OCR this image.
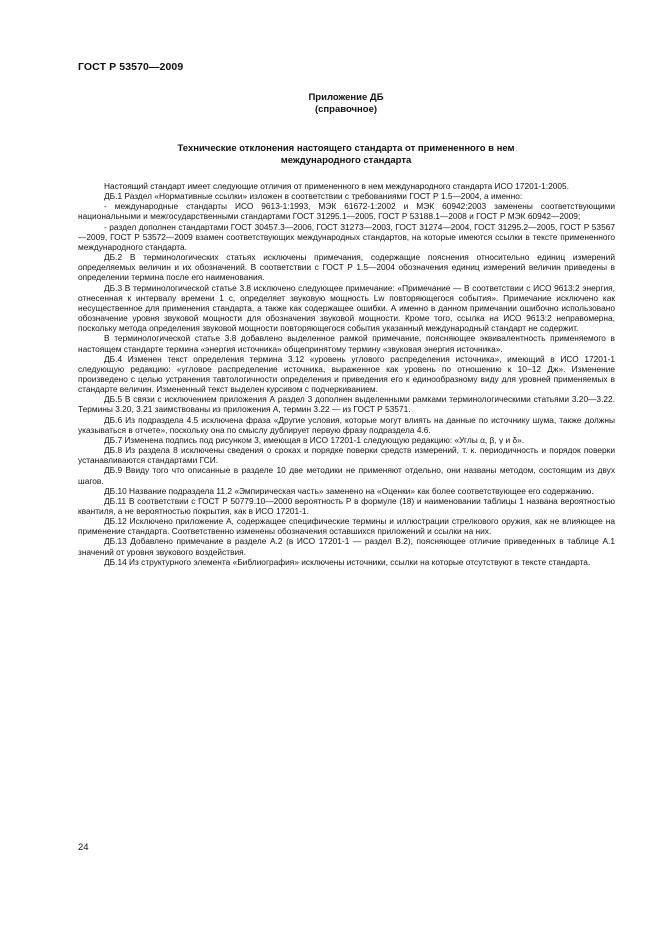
ГОСТ Р 53570—2009
Приложение ДБ
(справочное)
Технические отклонения настоящего стандарта от примененного в нем
международного стандарта

Настоящий стандарт имеет следующие отличия от примененного в нем международного стандарта ИСО 17201-1:2005.

ДБ.1 Раздел «Нормативные ссылки» изложен в соответствии с требованиями ГОСТ Р 1.5—2004, а именно:

- международные стандарты ИСО 9613-1:1993, МЭК 61672-1:2002 и МЭК 60942:2003 заменены соответствующими национальными и межгосударственными стандартами ГОСТ 31295.1—2005, ГОСТ Р 53188.1—2008 и ГОСТ Р МЭК 60942—2009;

- раздел дополнен стандартами ГОСТ 30457.3—2006, ГОСТ 31273—2003, ГОСТ 31274—2004, ГОСТ 31295.2—2005, ГОСТ Р 53567—2009, ГОСТ Р 53572—2009 взамен соответствующих международных стандартов, на которые имеются ссылки в тексте примененного международного стандарта.

ДБ.2 В терминологических статьях исключены примечания, содержащие пояснения относительно единиц измерений определяемых величин и их обозначений. В соответствии с ГОСТ Р 1.5—2004 обозначения единиц измерений величин приведены в определении термина после его наименования.

ДБ.3 В терминологической статье 3.8 исключено следующее примечание: «Примечание — В соответствии с ИСО 9613:2 энергия, отнесенная к интервалу времени 1 с, определяет звуковую мощность Lw повторяющегося события». Примечание исключено как несущественное для применения стандарта, а также как содержащее ошибки. А именно в данном примечании ошибочно использовано обозначение уровня звуковой мощности для обозначения звуковой мощности. Кроме того, ссылка на ИСО 9613:2 неправомерна, поскольку метода определения звуковой мощности повторяющегося события указанный международный стандарт не содержит.

В терминологической статье 3.8 добавлено выделенное рамкой примечание, поясняющее эквивалентность применяемого в настоящем стандарте термина «энергия источника» общепринятому термину «звуковая энергия источника».

ДБ.4 Изменен текст определения термина 3.12 «уровень углового распределения источника», имеющий в ИСО 17201-1 следующую редакцию: «угловое распределение источника, выраженное как уровень по отношению к 10−12 Дж». Изменение произведено с целью устранения тавтологичности определения и приведения его к единообразному виду для уровней применяемых в стандарте величин. Измененный текст выделен курсивом с подчеркиванием.

ДБ.5 В связи с исключением приложения А раздел 3 дополнен выделенными рамками терминологическими статьями 3.20—3.22. Термины 3.20, 3.21 заимствованы из приложения А, термин 3.22 — из ГОСТ Р 53571.

ДБ.6 Из подраздела 4.5 исключена фраза «Другие условия, которые могут влиять на данные по источнику шума, также должны указываться в отчете», поскольку она по смыслу дублирует первую фразу подраздела 4.6.

ДБ.7 Изменена подпись под рисунком 3, имеющая в ИСО 17201-1 следующую редакцию: «Углы α, β, γ и δ».

ДБ.8 Из раздела 8 исключены сведения о сроках и порядке поверки средств измерений, т. к. периодичность и порядок поверки устанавливаются стандартами ГСИ.

ДБ.9 Ввиду того что описанные в разделе 10 две методики не применяют отдельно, они названы методом, состоящим из двух шагов.

ДБ.10 Название подраздела 11.2 «Эмпирическая часть» заменено на «Оценки» как более соответствующее его содержанию.

ДБ.11 В соответствии с ГОСТ Р 50779.10—2000 вероятность P в формуле (18) и наименовании таблицы 1 названа вероятностью квантиля, а не вероятностью покрытия, как в ИСО 17201-1.

ДБ.12 Исключено приложение А, содержащее специфические термины и иллюстрации стрелкового оружия, как не влияющее на применение стандарта. Соответственно изменены обозначения оставшихся приложений и ссылки на них.

ДБ.13 Добавлено примечание в разделе А.2 (в ИСО 17201-1 — раздел В.2), поясняющее отличие приведенных в таблице А.1 значений от уровня звукового воздействия.

ДБ.14 Из структурного элемента «Библиография» исключены источники, ссылки на которые отсутствуют в тексте стандарта.

24
